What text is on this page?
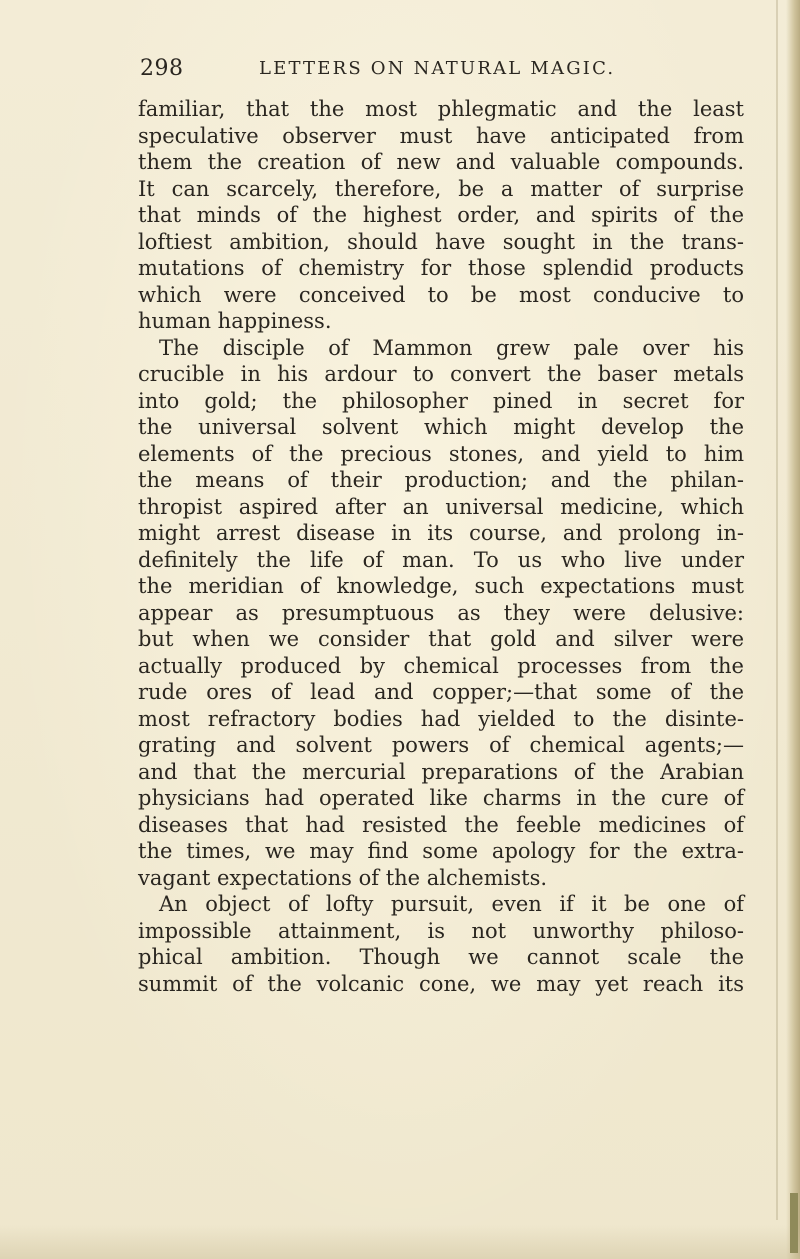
298	LETTERS ON NATURAL MAGIC.
familiar, that the most phlegmatic and the least
speculative observer must have anticipated from
them the creation of new and valuable compounds.
It can scarcely, therefore, be a matter of surprise
that minds of the highest order, and spirits of the
loftiest ambition, should have sought in the trans-
mutations of chemistry for those splendid products
which were conceived to be most conducive to
human happiness.
The disciple of Mammon grew pale over his
crucible in his ardour to convert the baser metals
into gold; the philosopher pined in secret for
the universal solvent which might develop the
elements of the precious stones, and yield to him
the means of their production; and the philan-
thropist aspired after an universal medicine, which
might arrest disease in its course, and prolong in-
definitely the life of man. To us who live under
the meridian of knowledge, such expectations must
appear as presumptuous as they were delusive:
but when we consider that gold and silver were
actually produced by chemical processes from the
rude ores of lead and copper;—that some of the
most refractory bodies had yielded to the disinte-
grating and solvent powers of chemical agents;—
and that the mercurial preparations of the Arabian
physicians had operated like charms in the cure of
diseases that had resisted the feeble medicines of
the times, we may find some apology for the extra-
vagant expectations of the alchemists.
An object of lofty pursuit, even if it be one of
impossible attainment, is not unworthy philoso-
phical ambition. Though we cannot scale the
summit of the volcanic cone, we may yet reach its
